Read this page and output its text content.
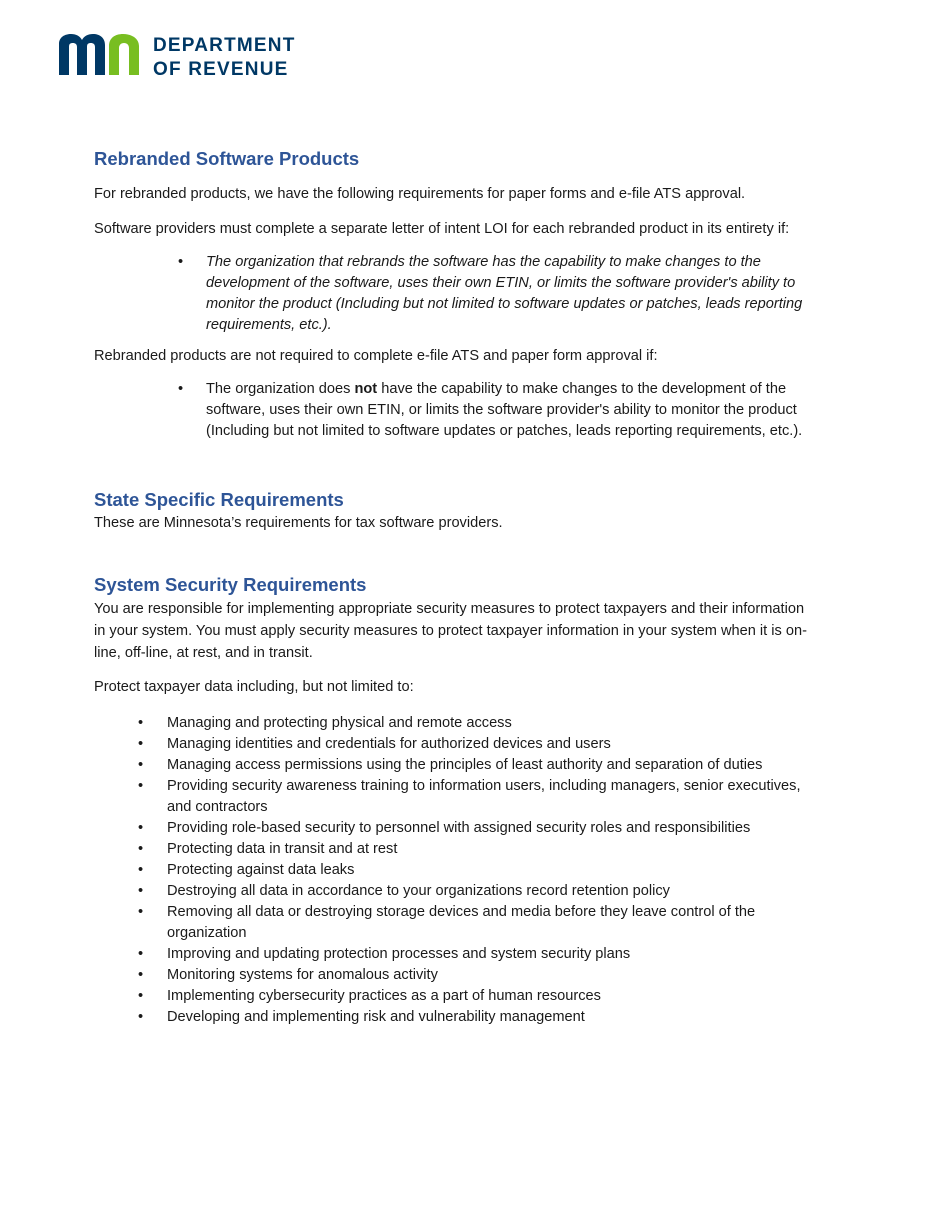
DEPARTMENT
OF REVENUE
Rebranded Software Products

For rebranded products, we have the following requirements for paper forms and e-file ATS approval.

Software providers must complete a separate letter of intent LOI for each rebranded product in its entirety if:

• The organization that rebrands the software has the capability to make changes to the development of the software, uses their own ETIN, or limits the software provider's ability to monitor the product (Including but not limited to software updates or patches, leads reporting requirements, etc.).

Rebranded products are not required to complete e-file ATS and paper form approval if:

• The organization does not have the capability to make changes to the development of the software, uses their own ETIN, or limits the software provider's ability to monitor the product (Including but not limited to software updates or patches, leads reporting requirements, etc.).
State Specific Requirements

These are Minnesota’s requirements for tax software providers.

System Security Requirements

You are responsible for implementing appropriate security measures to protect taxpayers and their information in your system. You must apply security measures to protect taxpayer information in your system when it is on-line, off-line, at rest, and in transit.

Protect taxpayer data including, but not limited to:

• Managing and protecting physical and remote access
• Managing identities and credentials for authorized devices and users
• Managing access permissions using the principles of least authority and separation of duties
• Providing security awareness training to information users, including managers, senior executives, and contractors
• Providing role-based security to personnel with assigned security roles and responsibilities
• Protecting data in transit and at rest
• Protecting against data leaks
• Destroying all data in accordance to your organizations record retention policy
• Removing all data or destroying storage devices and media before they leave control of the organization
• Improving and updating protection processes and system security plans
• Monitoring systems for anomalous activity
• Implementing cybersecurity practices as a part of human resources
• Developing and implementing risk and vulnerability management
